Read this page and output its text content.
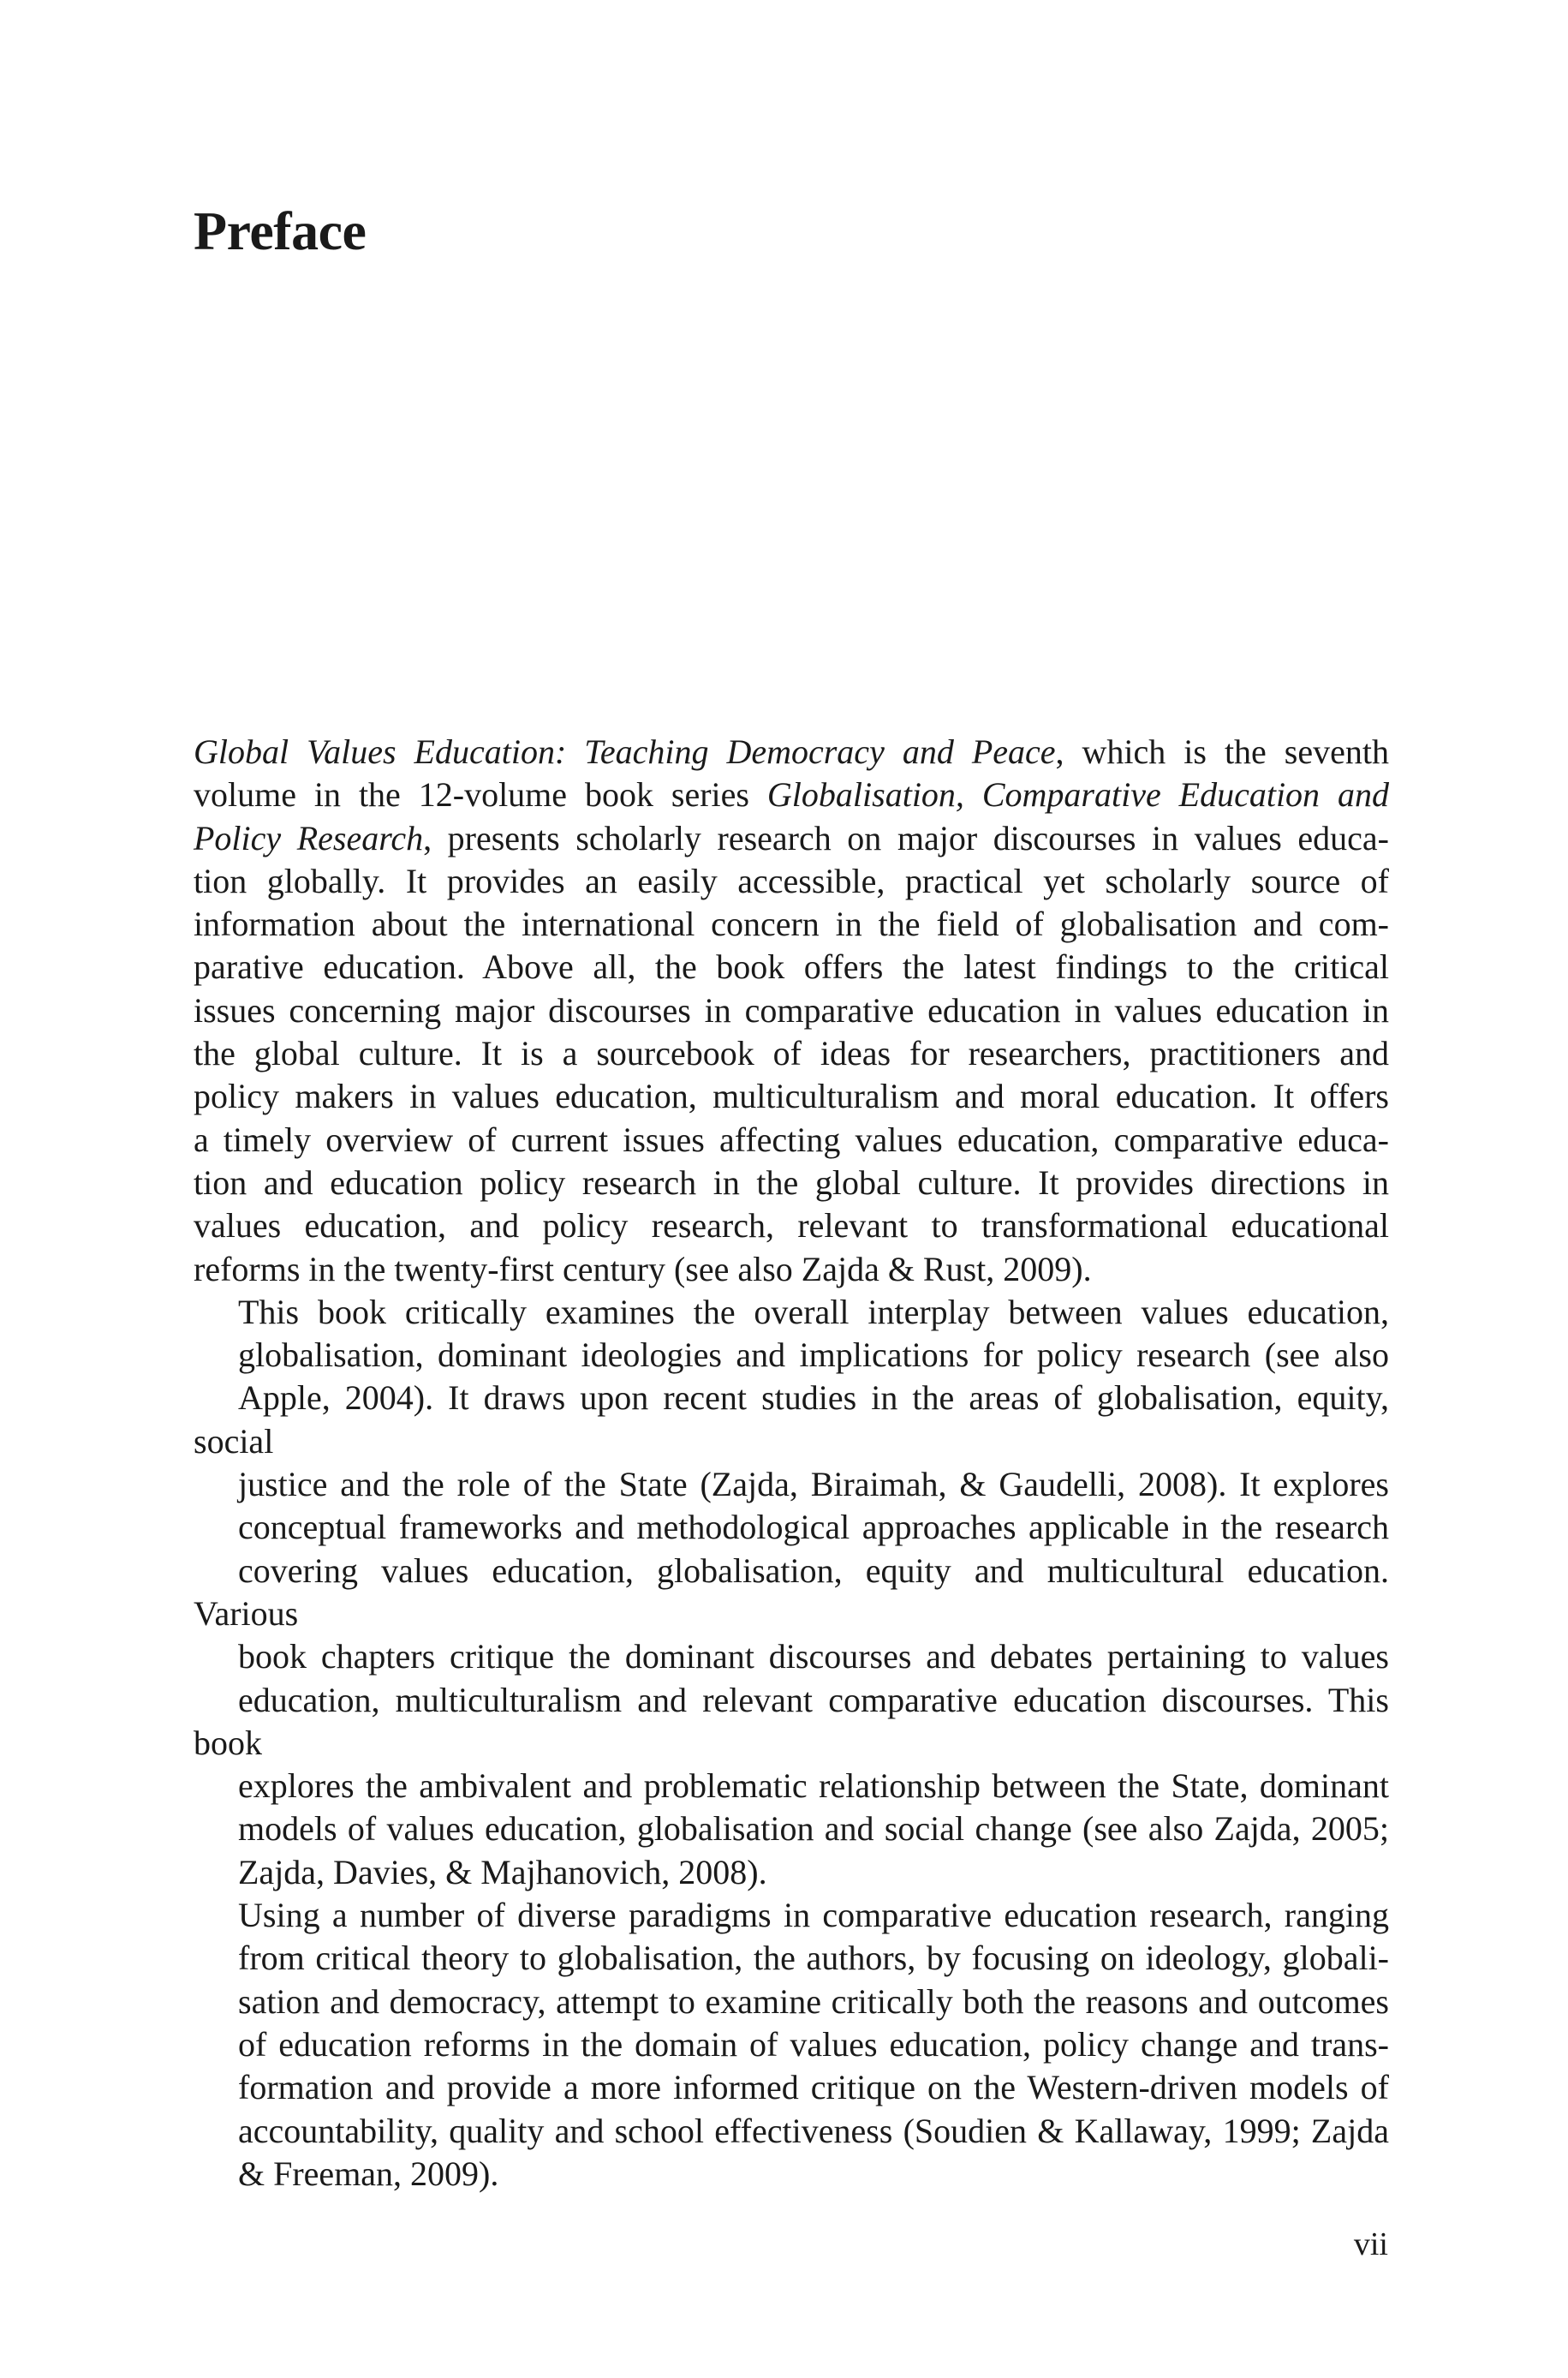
Preface

Global Values Education: Teaching Democracy and Peace, which is the seventh
volume in the 12-volume book series Globalisation, Comparative Education and
Policy Research, presents scholarly research on major discourses in values educa-
tion globally. It provides an easily accessible, practical yet scholarly source of
information about the international concern in the field of globalisation and com-
parative education. Above all, the book offers the latest findings to the critical
issues concerning major discourses in comparative education in values education in
the global culture. It is a sourcebook of ideas for researchers, practitioners and
policy makers in values education, multiculturalism and moral education. It offers
a timely overview of current issues affecting values education, comparative educa-
tion and education policy research in the global culture. It provides directions in
values education, and policy research, relevant to transformational educational
reforms in the twenty-first century (see also Zajda & Rust, 2009).

This book critically examines the overall interplay between values education,
globalisation, dominant ideologies and implications for policy research (see also
Apple, 2004). It draws upon recent studies in the areas of globalisation, equity, social
justice and the role of the State (Zajda, Biraimah, & Gaudelli, 2008). It explores
conceptual frameworks and methodological approaches applicable in the research
covering values education, globalisation, equity and multicultural education. Various
book chapters critique the dominant discourses and debates pertaining to values
education, multiculturalism and relevant comparative education discourses. This book
explores the ambivalent and problematic relationship between the State, dominant
models of values education, globalisation and social change (see also Zajda, 2005;
Zajda, Davies, & Majhanovich, 2008).

Using a number of diverse paradigms in comparative education research, ranging
from critical theory to globalisation, the authors, by focusing on ideology, globali-
sation and democracy, attempt to examine critically both the reasons and outcomes
of education reforms in the domain of values education, policy change and trans-
formation and provide a more informed critique on the Western-driven models of
accountability, quality and school effectiveness (Soudien & Kallaway, 1999; Zajda
& Freeman, 2009).

vii
